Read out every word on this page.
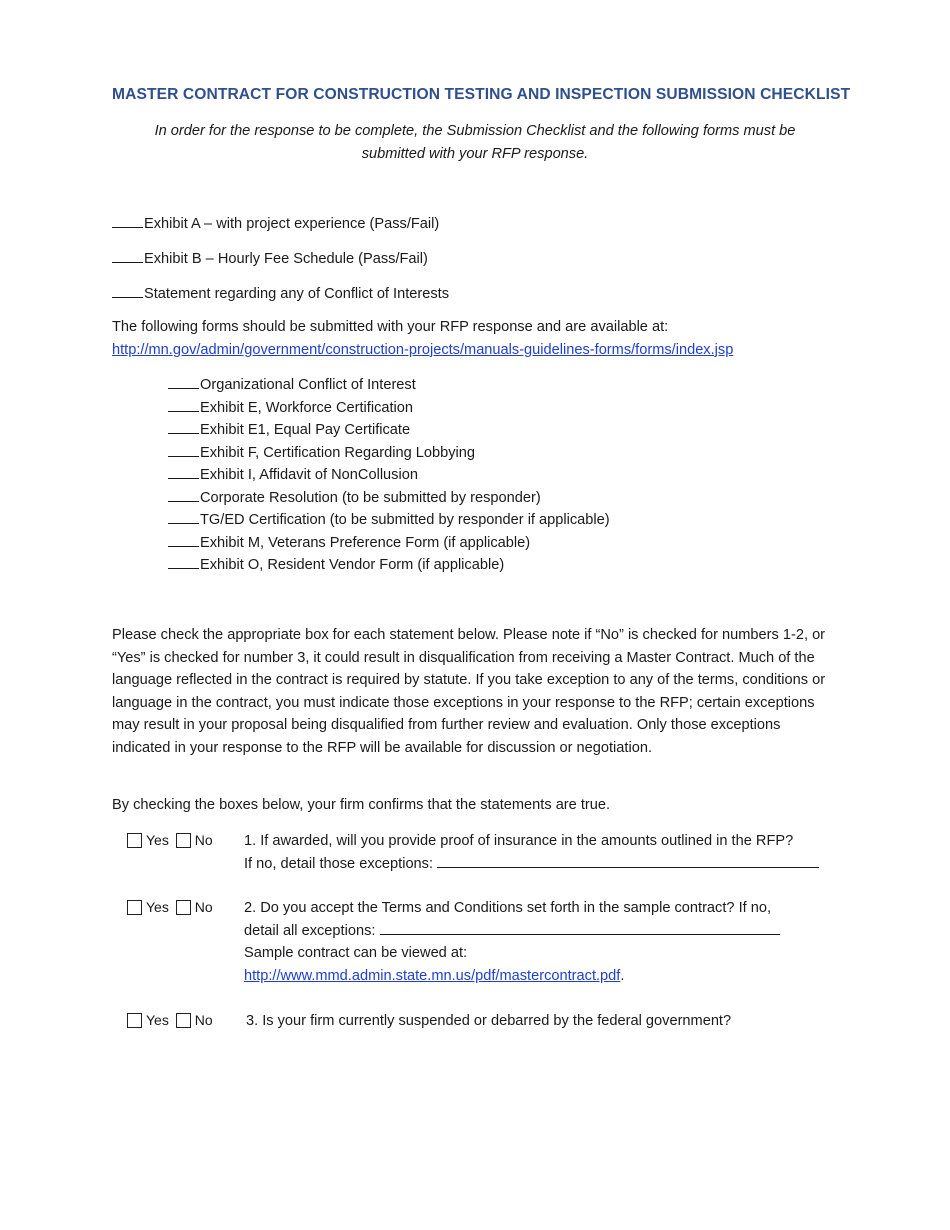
MASTER CONTRACT FOR CONSTRUCTION TESTING AND INSPECTION SUBMISSION CHECKLIST
In order for the response to be complete, the Submission Checklist and the following forms must be submitted with your RFP response.
Exhibit A – with project experience (Pass/Fail)
Exhibit B – Hourly Fee Schedule (Pass/Fail)
Statement regarding any of Conflict of Interests
The following forms should be submitted with your RFP response and are available at:
http://mn.gov/admin/government/construction-projects/manuals-guidelines-forms/forms/index.jsp
Organizational Conflict of Interest
Exhibit E, Workforce Certification
Exhibit E1, Equal Pay Certificate
Exhibit F, Certification Regarding Lobbying
Exhibit I, Affidavit of NonCollusion
Corporate Resolution (to be submitted by responder)
TG/ED Certification (to be submitted by responder if applicable)
Exhibit M, Veterans Preference Form (if applicable)
Exhibit O, Resident Vendor Form (if applicable)
Please check the appropriate box for each statement below. Please note if “No” is checked for numbers 1-2, or “Yes” is checked for number 3, it could result in disqualification from receiving a Master Contract. Much of the language reflected in the contract is required by statute. If you take exception to any of the terms, conditions or language in the contract, you must indicate those exceptions in your response to the RFP; certain exceptions may result in your proposal being disqualified from further review and evaluation. Only those exceptions indicated in your response to the RFP will be available for discussion or negotiation.
By checking the boxes below, your firm confirms that the statements are true.
Yes No 1. If awarded, will you provide proof of insurance in the amounts outlined in the RFP?
If no, detail those exceptions:
Yes No 2. Do you accept the Terms and Conditions set forth in the sample contract? If no,
detail all exceptions:
Sample contract can be viewed at:
http://www.mmd.admin.state.mn.us/pdf/mastercontract.pdf.
Yes No 3. Is your firm currently suspended or debarred by the federal government?
